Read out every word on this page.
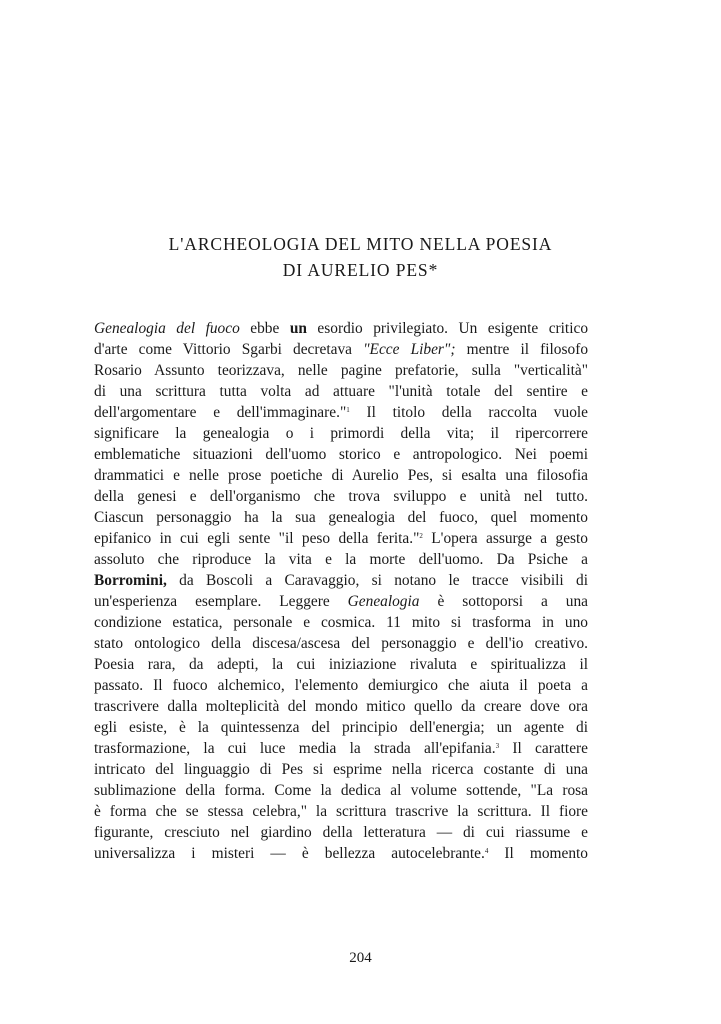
L'ARCHEOLOGIA DEL MITO NELLA POESIA
DI AURELIO PES*
Genealogia del fuoco ebbe un esordio privilegiato. Un esigente critico
d'arte come Vittorio Sgarbi decretava "Ecce Liber"; mentre il filosofo
Rosario Assunto teorizzava, nelle pagine prefatorie, sulla "verticalità"
di una scrittura tutta volta ad attuare "l'unità totale del sentire e
dell'argomentare e dell'immaginare."$^1$ Il titolo della raccolta vuole
significare la genealogia o i primordi della vita; il ripercorrere
emblematiche situazioni dell'uomo storico e antropologico. Nei poemi
drammatici e nelle prose poetiche di Aurelio Pes, si esalta una filosofia
della genesi e dell'organismo che trova sviluppo e unità nel tutto.
Ciascun personaggio ha la sua genealogia del fuoco, quel momento
epifanico in cui egli sente "il peso della ferita."$^2$ L'opera assurge a gesto
assoluto che riproduce la vita e la morte dell'uomo. Da Psiche a
Borromini, da Boscoli a Caravaggio, si notano le tracce visibili di
un'esperienza esemplare. Leggere Genealogia è sottoporsi a una
condizione estatica, personale e cosmica. 11 mito si trasforma in uno
stato ontologico della discesa/ascesa del personaggio e dell'io creativo.
Poesia rara, da adepti, la cui iniziazione rivaluta e spiritualizza il
passato. Il fuoco alchemico, l'elemento demiurgico che aiuta il poeta a
trascrivere dalla molteplicità del mondo mitico quello da creare dove ora
egli esiste, è la quintessenza del principio dell'energia; un agente di
trasformazione, la cui luce media la strada all'epifania.$^3$ Il carattere
intricato del linguaggio di Pes si esprime nella ricerca costante di una
sublimazione della forma. Come la dedica al volume sottende, "La rosa
è forma che se stessa celebra," la scrittura trascrive la scrittura. Il fiore
figurante, cresciuto nel giardino della letteratura — di cui riassume e
universalizza i misteri — è bellezza autocelebrante.$^4$ Il momento
204
